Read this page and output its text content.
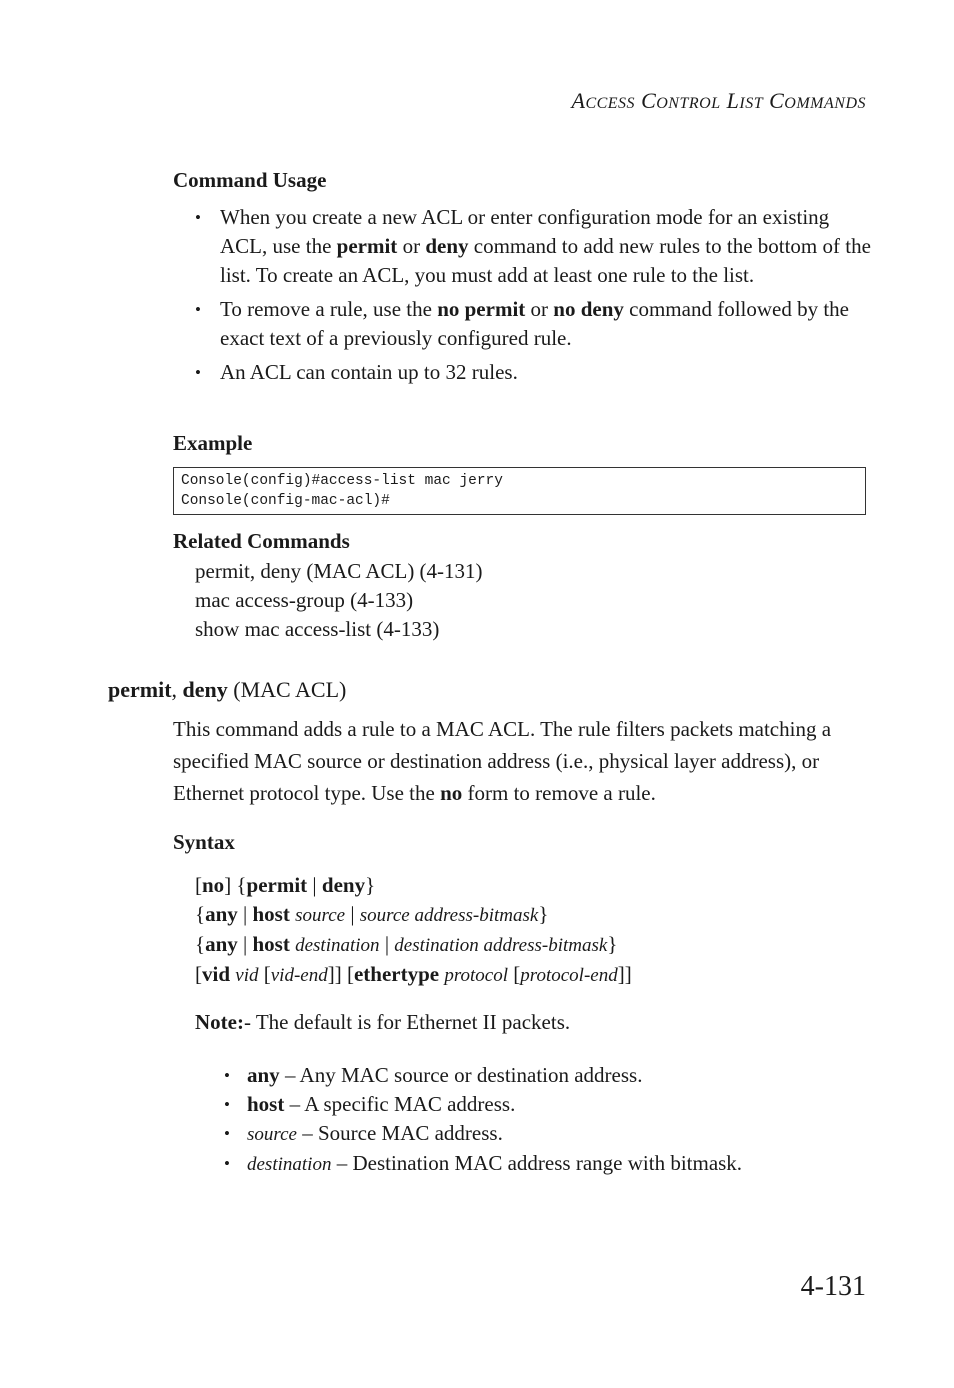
ACCESS CONTROL LIST COMMANDS
Command Usage
• When you create a new ACL or enter configuration mode for an existing ACL, use the permit or deny command to add new rules to the bottom of the list. To create an ACL, you must add at least one rule to the list.
• To remove a rule, use the no permit or no deny command followed by the exact text of a previously configured rule.
• An ACL can contain up to 32 rules.
Example
Console(config)#access-list mac jerry
Console(config-mac-acl)#
Related Commands
permit, deny (MAC ACL) (4-131)
mac access-group (4-133)
show mac access-list (4-133)
permit, deny (MAC ACL)
This command adds a rule to a MAC ACL. The rule filters packets matching a specified MAC source or destination address (i.e., physical layer address), or Ethernet protocol type. Use the no form to remove a rule.
Syntax
[no] {permit | deny}
{any | host source | source address-bitmask}
{any | host destination | destination address-bitmask}
[vid vid [vid-end]] [ethertype protocol [protocol-end]]
Note:- The default is for Ethernet II packets.
• any – Any MAC source or destination address.
• host – A specific MAC address.
• source – Source MAC address.
• destination – Destination MAC address range with bitmask.
4-131
